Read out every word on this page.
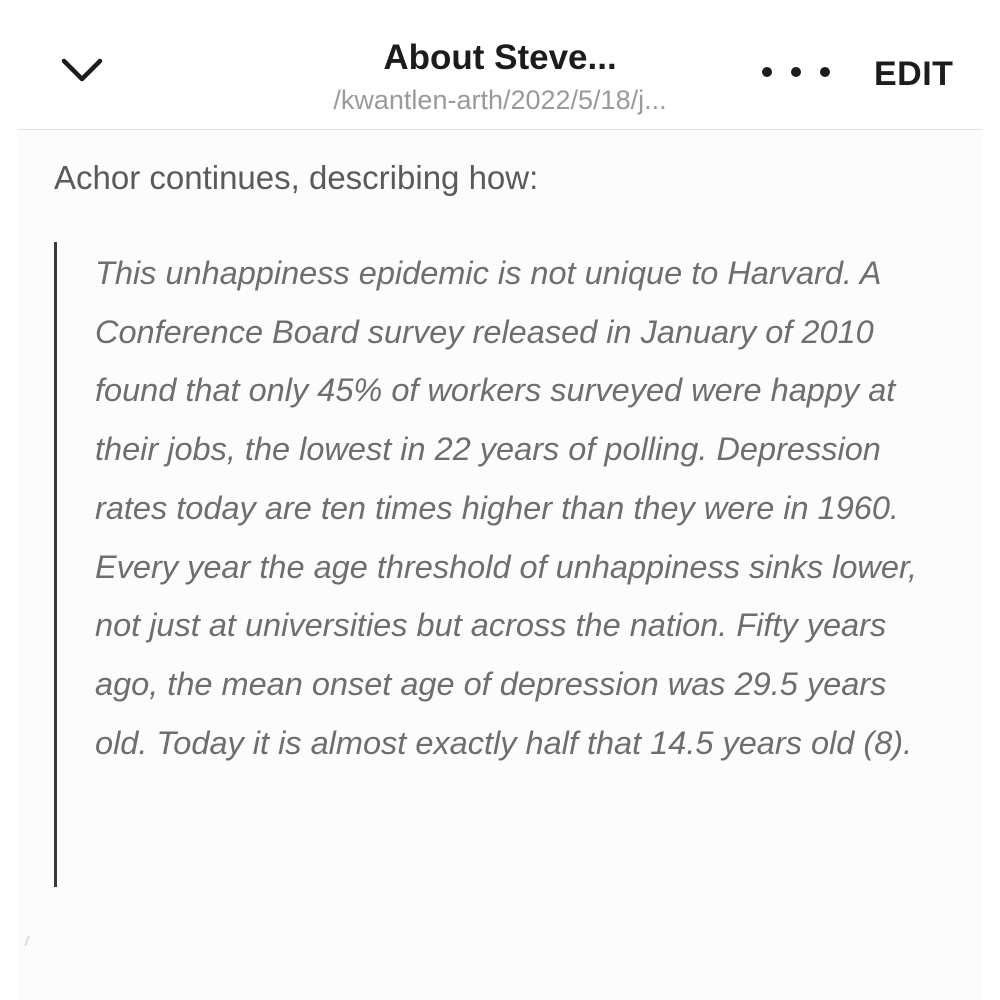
About Steve...
/kwantlen-arth/2022/5/18/j...
EDIT
Achor continues, describing how:

This unhappiness epidemic is not unique to Harvard. A Conference Board survey released in January of 2010 found that only 45% of workers surveyed were happy at their jobs, the lowest in 22 years of polling. Depression rates today are ten times higher than they were in 1960. Every year the age threshold of unhappiness sinks lower, not just at universities but across the nation. Fifty years ago, the mean onset age of depression was 29.5 years old. Today it is almost exactly half that 14.5 years old (8).
